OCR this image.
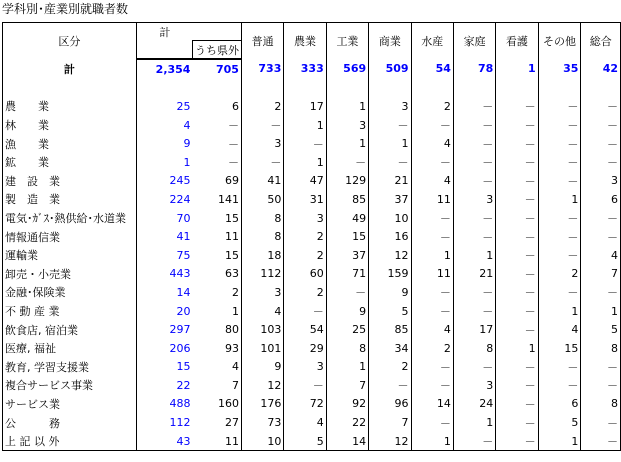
学科別･産業別就職者数
区分	計		普通	農業	工業	商業	水産	家庭	看護	その他	総合
		うち県外									
計	2,354	705	733	333	569	509	54	78	1	35	42

農　　業	25	6	2	17	1	3	2	－	－	－	－
林　　業	4	－	－	1	3	－	－	－	－	－	－
漁　　業	9	－	3	－	1	1	4	－	－	－	－
鉱　　業	1	－	－	1	－	－	－	－	－	－	－
建　設　業	245	69	41	47	129	21	4	－	－	－	3
製　造　業	224	141	50	31	85	37	11	3	－	1	6
電気･ｶﾞｽ･熱供給･水道業	70	15	8	3	49	10	－	－	－	－	－
情報通信業	41	11	8	2	15	16	－	－	－	－	－
運輸業	75	15	18	2	37	12	1	1	－	－	4
卸売・小売業	443	63	112	60	71	159	11	21	－	2	7
金融･保険業	14	2	3	2	－	9	－	－	－	－	－
不 動 産 業	20	1	4	－	9	5	－	－	－	1	1
飲食店, 宿泊業	297	80	103	54	25	85	4	17	－	4	5
医療, 福祉	206	93	101	29	8	34	2	8	1	15	8
教育, 学習支援業	15	4	9	3	1	2	－	－	－	－	－
複合サービス事業	22	7	12	－	7	－	－	3	－	－	－
サービス業	488	160	176	72	92	96	14	24	－	6	8
公　　　務	112	27	73	4	22	7	－	1	－	5	－
上 記 以 外	43	11	10	5	14	12	1	－	－	1	－
